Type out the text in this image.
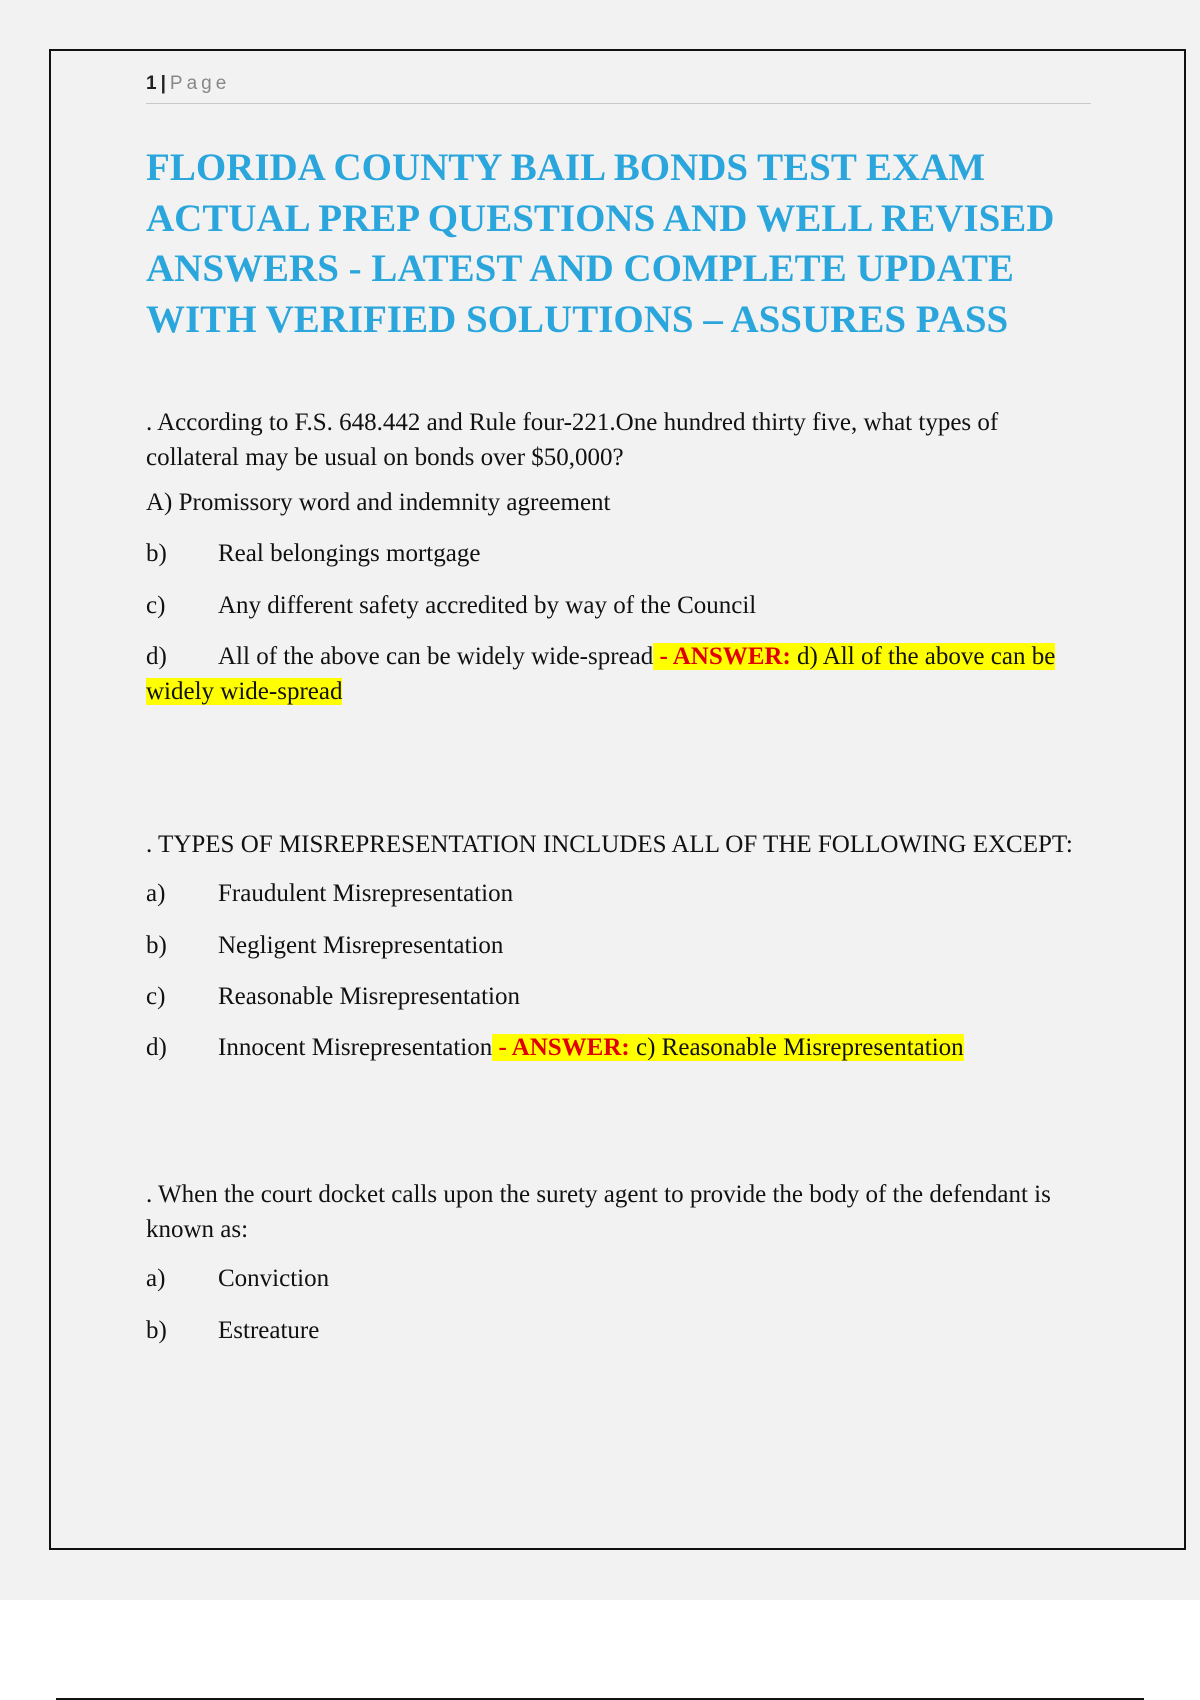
1 | Page
FLORIDA COUNTY BAIL BONDS TEST EXAM ACTUAL PREP QUESTIONS AND WELL REVISED ANSWERS - LATEST AND COMPLETE UPDATE WITH VERIFIED SOLUTIONS – ASSURES PASS

. According to F.S. 648.442 and Rule four-221.One hundred thirty five, what types of collateral may be usual on bonds over $50,000?

A) Promissory word and indemnity agreement

b) Real belongings mortgage

c) Any different safety accredited by way of the Council

d) All of the above can be widely wide-spread - ANSWER: d) All of the above can be widely wide-spread

. TYPES OF MISREPRESENTATION INCLUDES ALL OF THE FOLLOWING EXCEPT:

a) Fraudulent Misrepresentation

b) Negligent Misrepresentation

c) Reasonable Misrepresentation

d) Innocent Misrepresentation - ANSWER: c) Reasonable Misrepresentation

. When the court docket calls upon the surety agent to provide the body of the defendant is known as:

a) Conviction

b) Estreature
